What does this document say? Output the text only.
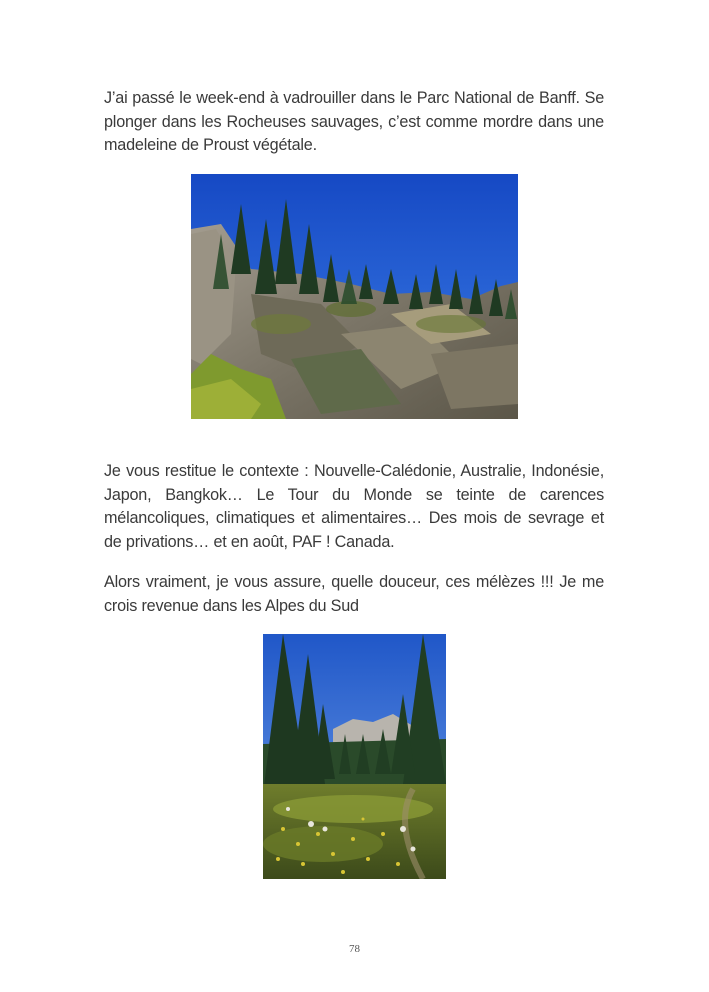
J’ai passé le week-end à vadrouiller dans le Parc National de Banff. Se plonger dans les Rocheuses sauvages, c’est comme mordre dans une madeleine de Proust végétale.

Je vous restitue le contexte : Nouvelle-Calédonie, Australie, Indonésie, Japon, Bangkok… Le Tour du Monde se teinte de carences mélancoliques, climatiques et alimentaires… Des mois de sevrage et de privations… et en août, PAF ! Canada.

Alors vraiment, je vous assure, quelle douceur, ces mélèzes !!! Je me crois revenue dans les Alpes du Sud

78
